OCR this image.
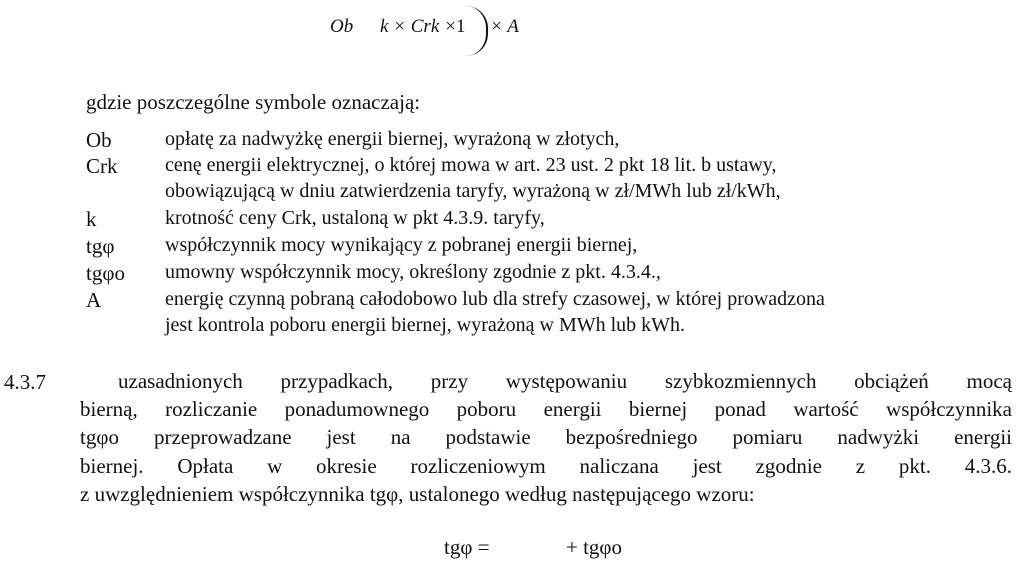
Ob k × Crk × 1 × A
gdzie poszczególne symbole oznaczają:
Ob	opłatę za nadwyżkę energii biernej, wyrażoną w złotych,
Crk cenę energii elektrycznej, o której mowa w art. 23 ust. 2 pkt 18 lit. b ustawy,
obowiązującą w dniu zatwierdzenia taryfy, wyrażoną w zł/MWh lub zł/kWh,
k	krotność ceny Crk, ustaloną w pkt 4.3.9. taryfy,
tgφ	współczynnik mocy wynikający z pobranej energii biernej,
tgφo umowny współczynnik mocy, określony zgodnie z pkt. 4.3.4.,
A	energię czynną pobraną całodobowo lub dla strefy czasowej, w której prowadzona
jest kontrola poboru energii biernej, wyrażoną w MWh lub kWh.
4.3.7	uzasadnionych przypadkach, przy występowaniu szybkozmiennych obciążeń mocą
bierną, rozliczanie ponadumownego poboru energii biernej ponad wartość współczynnika
tgφo przeprowadzane jest na podstawie bezpośredniego pomiaru nadwyżki energii
biernej. Opłata w okresie rozliczeniowym naliczana jest zgodnie z pkt. 4.3.6.
z uwzględnieniem współczynnika tgφ, ustalonego według następującego wzoru:
tgφ =	+ tgφo
